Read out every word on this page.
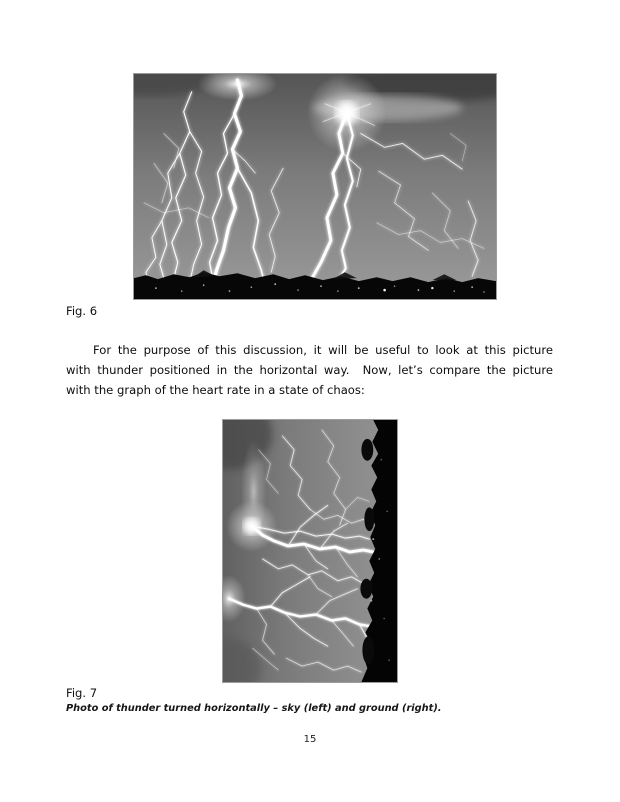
Fig. 6
For the purpose of this discussion, it will be useful to look at this picture
with thunder positioned in the horizontal way.  Now, let’s compare the picture
with the graph of the heart rate in a state of chaos:
Fig. 7
Photo of thunder turned horizontally – sky (left) and ground (right).
15
